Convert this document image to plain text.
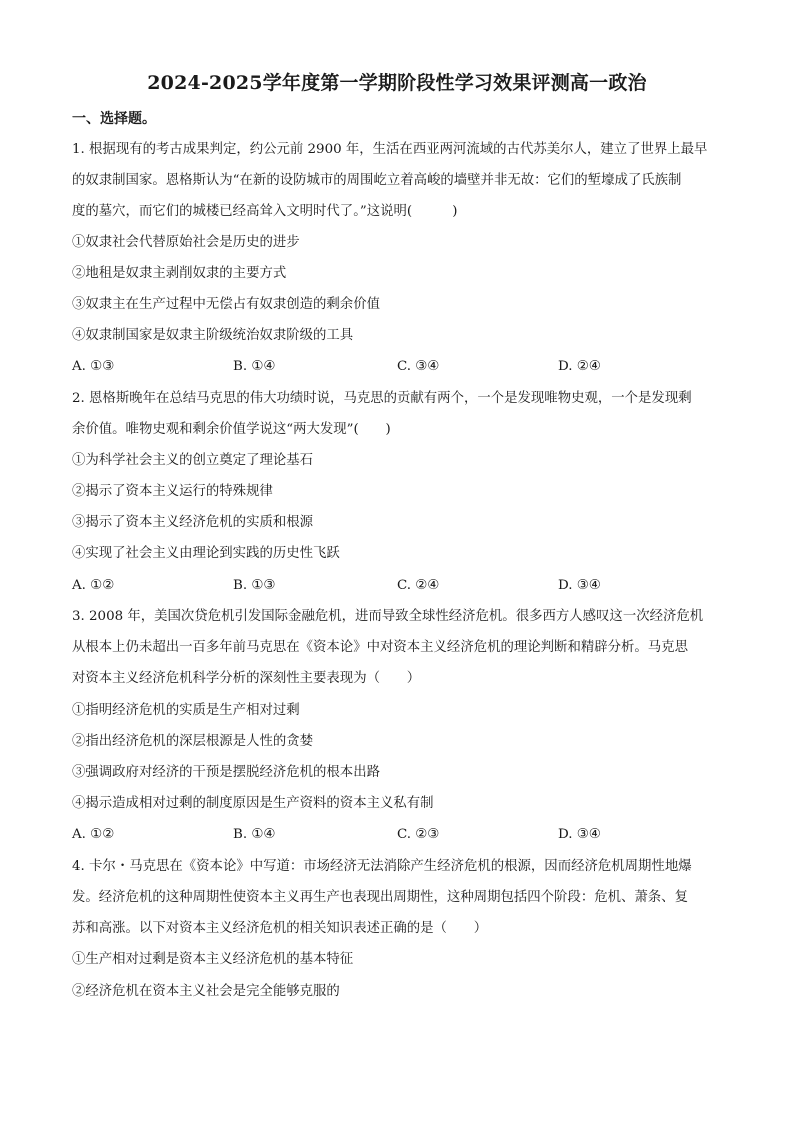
2024-2025学年度第一学期阶段性学习效果评测高一政治
一、选择题。
1. 根据现有的考古成果判定，约公元前 2900 年，生活在西亚两河流域的古代苏美尔人，建立了世界上最早
的奴隶制国家。恩格斯认为“在新的设防城市的周围屹立着高峻的墙壁并非无故：它们的堑壕成了氏族制
度的墓穴，而它们的城楼已经高耸入文明时代了。”这说明(　　　)
①奴隶社会代替原始社会是历史的进步
②地租是奴隶主剥削奴隶的主要方式
③奴隶主在生产过程中无偿占有奴隶创造的剩余价值
④奴隶制国家是奴隶主阶级统治奴隶阶级的工具
A. ①③	B. ①④	C. ③④	D. ②④
2. 恩格斯晚年在总结马克思的伟大功绩时说，马克思的贡献有两个，一个是发现唯物史观，一个是发现剩
余价值。唯物史观和剩余价值学说这“两大发现”(　　)
①为科学社会主义的创立奠定了理论基石
②揭示了资本主义运行的特殊规律
③揭示了资本主义经济危机的实质和根源
④实现了社会主义由理论到实践的历史性飞跃
A. ①②	B. ①③	C. ②④	D. ③④
3. 2008 年，美国次贷危机引发国际金融危机，进而导致全球性经济危机。很多西方人感叹这一次经济危机
从根本上仍未超出一百多年前马克思在《资本论》中对资本主义经济危机的理论判断和精辟分析。马克思
对资本主义经济危机科学分析的深刻性主要表现为（　　）
①指明经济危机的实质是生产相对过剩
②指出经济危机的深层根源是人性的贪婪
③强调政府对经济的干预是摆脱经济危机的根本出路
④揭示造成相对过剩的制度原因是生产资料的资本主义私有制
A. ①②	B. ①④	C. ②③	D. ③④
4. 卡尔・马克思在《资本论》中写道：市场经济无法消除产生经济危机的根源，因而经济危机周期性地爆
发。经济危机的这种周期性使资本主义再生产也表现出周期性，这种周期包括四个阶段：危机、萧条、复
苏和高涨。以下对资本主义经济危机的相关知识表述正确的是（　　）
①生产相对过剩是资本主义经济危机的基本特征
②经济危机在资本主义社会是完全能够克服的
